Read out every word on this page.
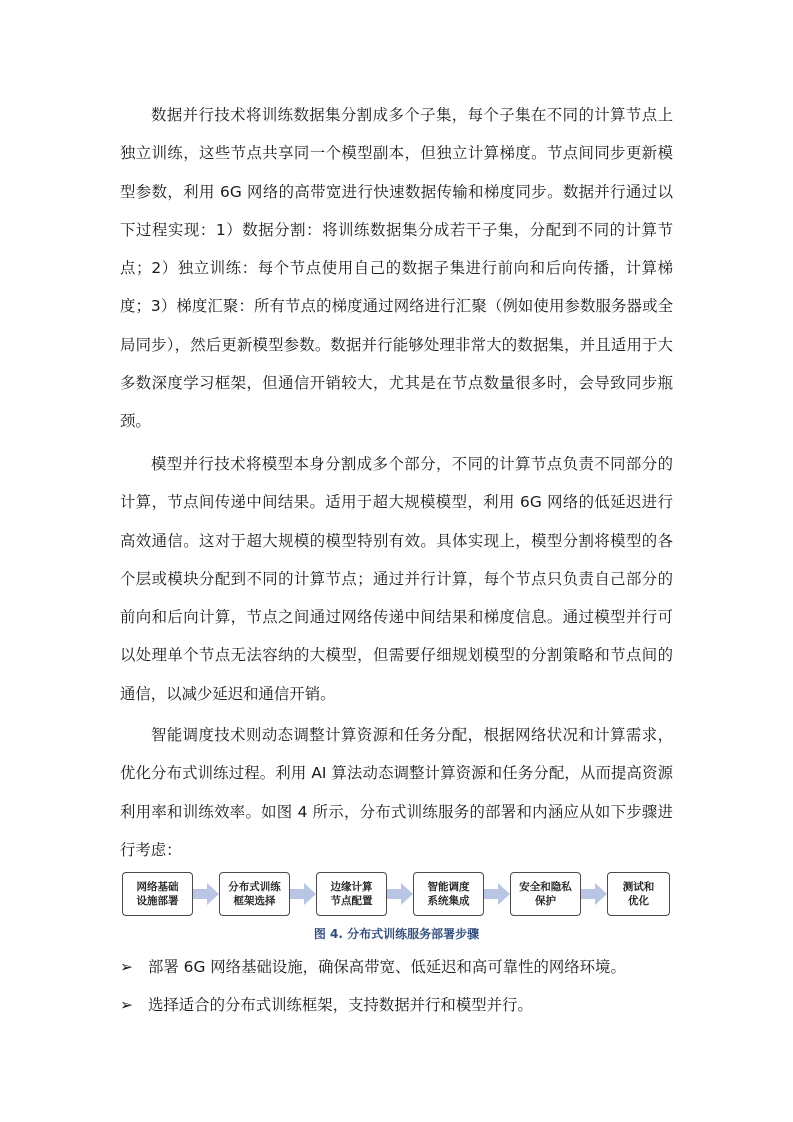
数据并行技术将训练数据集分割成多个子集，每个子集在不同的计算节点上独立训练，这些节点共享同一个模型副本，但独立计算梯度。节点间同步更新模型参数，利用 6G 网络的高带宽进行快速数据传输和梯度同步。数据并行通过以下过程实现：1）数据分割：将训练数据集分成若干子集，分配到不同的计算节点；2）独立训练：每个节点使用自己的数据子集进行前向和后向传播，计算梯度；3）梯度汇聚：所有节点的梯度通过网络进行汇聚（例如使用参数服务器或全局同步），然后更新模型参数。数据并行能够处理非常大的数据集，并且适用于大多数深度学习框架，但通信开销较大，尤其是在节点数量很多时，会导致同步瓶颈。

模型并行技术将模型本身分割成多个部分，不同的计算节点负责不同部分的计算，节点间传递中间结果。适用于超大规模模型，利用 6G 网络的低延迟进行高效通信。这对于超大规模的模型特别有效。具体实现上，模型分割将模型的各个层或模块分配到不同的计算节点；通过并行计算，每个节点只负责自己部分的前向和后向计算，节点之间通过网络传递中间结果和梯度信息。通过模型并行可以处理单个节点无法容纳的大模型，但需要仔细规划模型的分割策略和节点间的通信，以减少延迟和通信开销。

智能调度技术则动态调整计算资源和任务分配，根据网络状况和计算需求，优化分布式训练过程。利用 AI 算法动态调整计算资源和任务分配，从而提高资源利用率和训练效率。如图 4 所示，分布式训练服务的部署和内涵应从如下步骤进行考虑：

网络基础
设施部署
分布式训练
框架选择
边缘计算
节点配置
智能调度
系统集成
安全和隐私
保护
测试和
优化
图 4. 分布式训练服务部署步骤
➢ 部署 6G 网络基础设施，确保高带宽、低延迟和高可靠性的网络环境。
➢ 选择适合的分布式训练框架，支持数据并行和模型并行。
